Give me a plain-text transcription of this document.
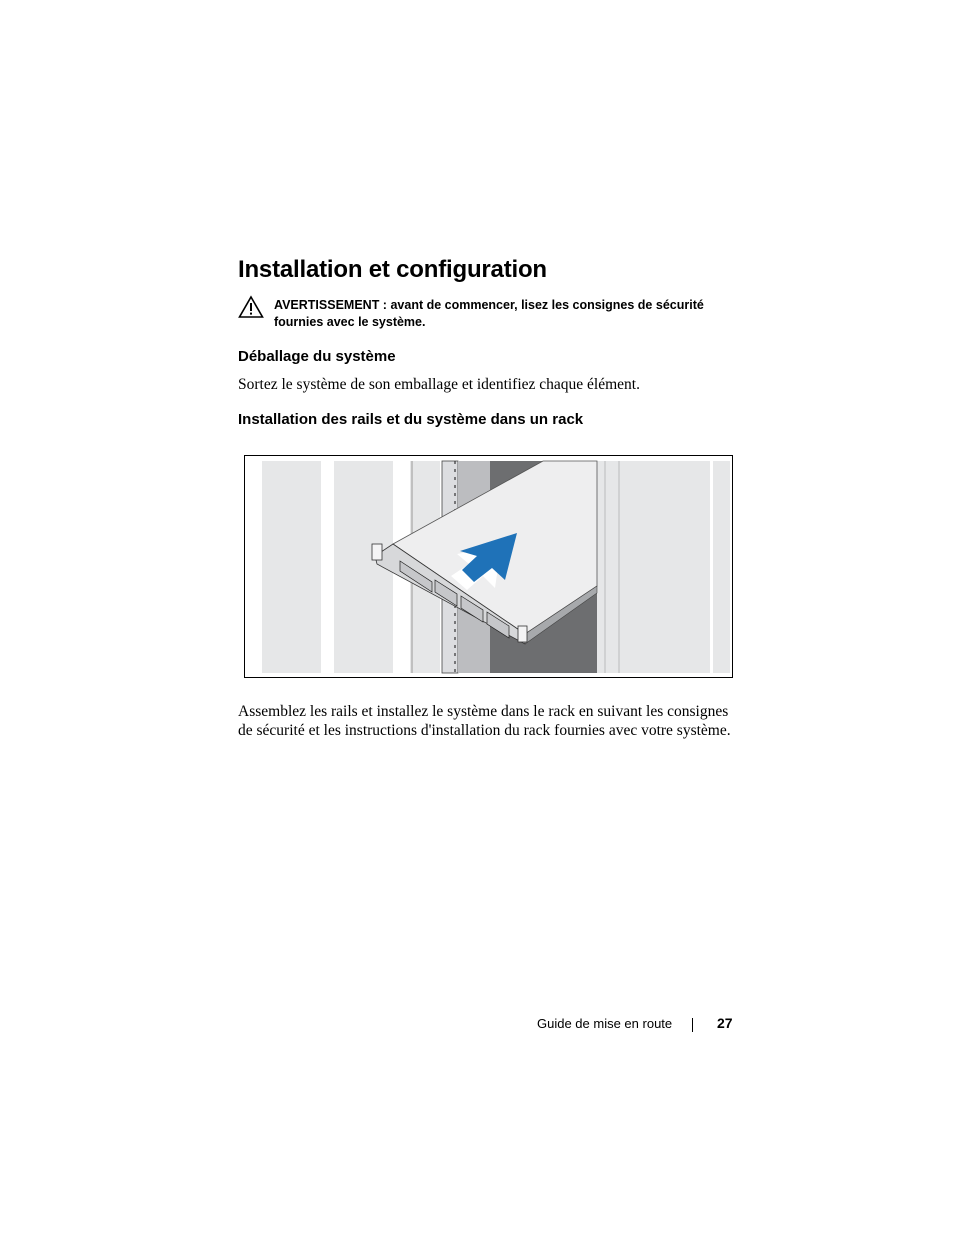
Installation et configuration
AVERTISSEMENT : avant de commencer, lisez les consignes de sécurité fournies avec le système.
Déballage du système
Sortez le système de son emballage et identifiez chaque élément.
Installation des rails et du système dans un rack
Assemblez les rails et installez le système dans le rack en suivant les consignes de sécurité et les instructions d'installation du rack fournies avec votre système.
Guide de mise en route	27
